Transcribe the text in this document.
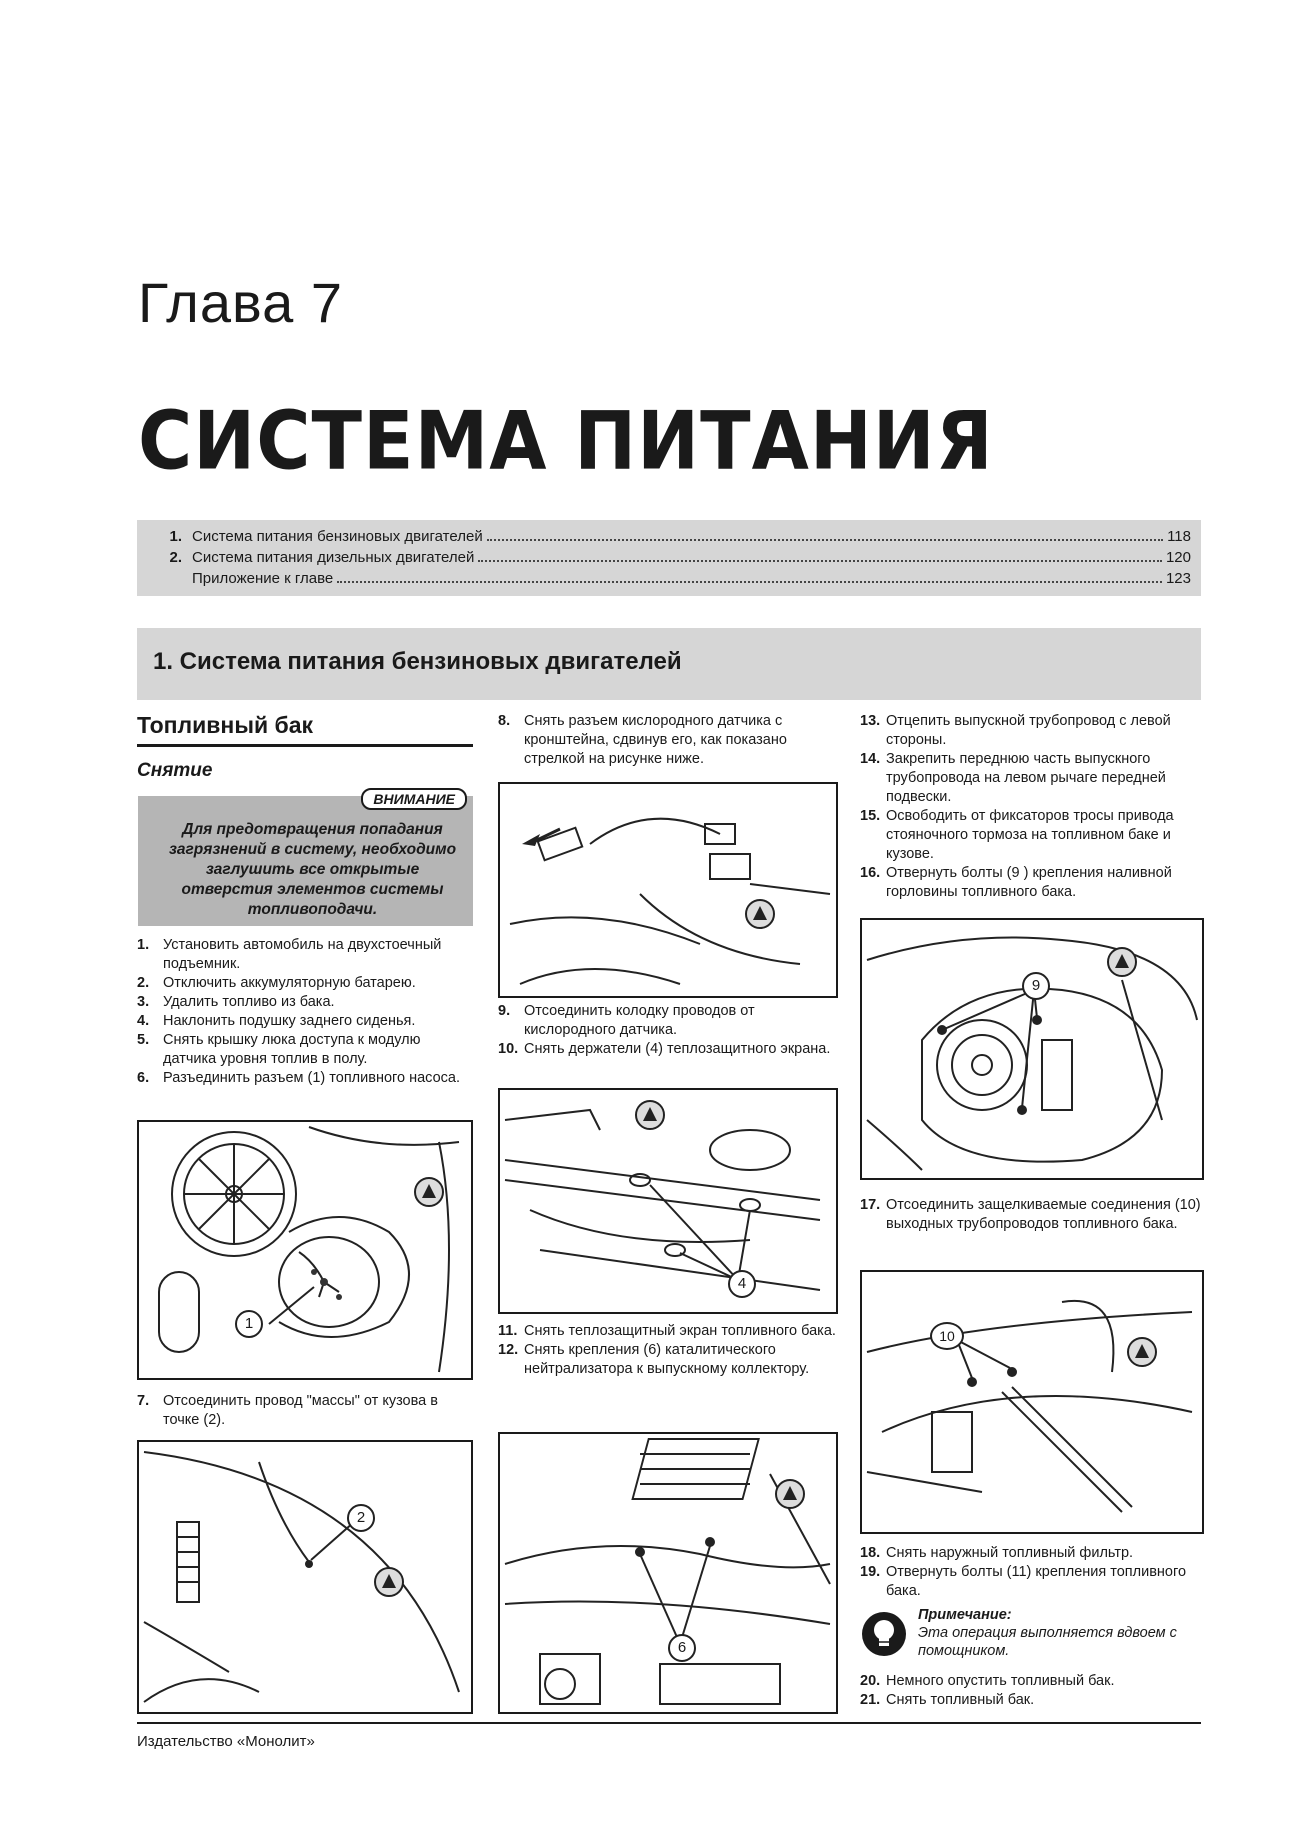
Глава 7
СИСТЕМА ПИТАНИЯ
1. Система питания бензиновых двигателей	118
2. Система питания дизельных двигателей	120
Приложение к главе	123
1. Система питания бензиновых двигателей
Топливный бак
Снятие
ВНИМАНИЕ
Для предотвращения попадания загрязнений в систему, необходимо заглушить все открытые отверстия элементов системы топливоподачи.
1. Установить автомобиль на двухстоечный подъемник.
2. Отключить аккумуляторную батарею.
3. Удалить топливо из бака.
4. Наклонить подушку заднего сиденья.
5. Снять крышку люка доступа к модулю датчика уровня топлив в полу.
6. Разъединить разъем (1) топливного насоса.
1
7. Отсоединить провод "массы" от кузова в точке (2).
2
8. Снять разъем кислородного датчика с кронштейна, сдвинув его, как показано стрелкой на рисунке ниже.
9. Отсоединить колодку проводов от кислородного датчика.
10. Снять держатели (4) теплозащитного экрана.
4
11. Снять теплозащитный экран топливного бака.
12. Снять крепления (6) каталитического нейтрализатора к выпускному коллектору.
6
13. Отцепить выпускной трубопровод с левой стороны.
14. Закрепить переднюю часть выпускного трубопровода на левом рычаге передней подвески.
15. Освободить от фиксаторов тросы привода стояночного тормоза на топливном баке и кузове.
16. Отвернуть болты (9 ) крепления наливной горловины топливного бака.
9
17. Отсоединить защелкиваемые соединения (10) выходных трубопроводов топливного бака.
10
18. Снять наружный топливный фильтр.
19. Отвернуть болты (11) крепления топливного бака.
Примечание:
Эта операция выполняется вдвоем с помощником.
20. Немного опустить топливный бак.
21. Снять топливный бак.
Издательство «Монолит»
